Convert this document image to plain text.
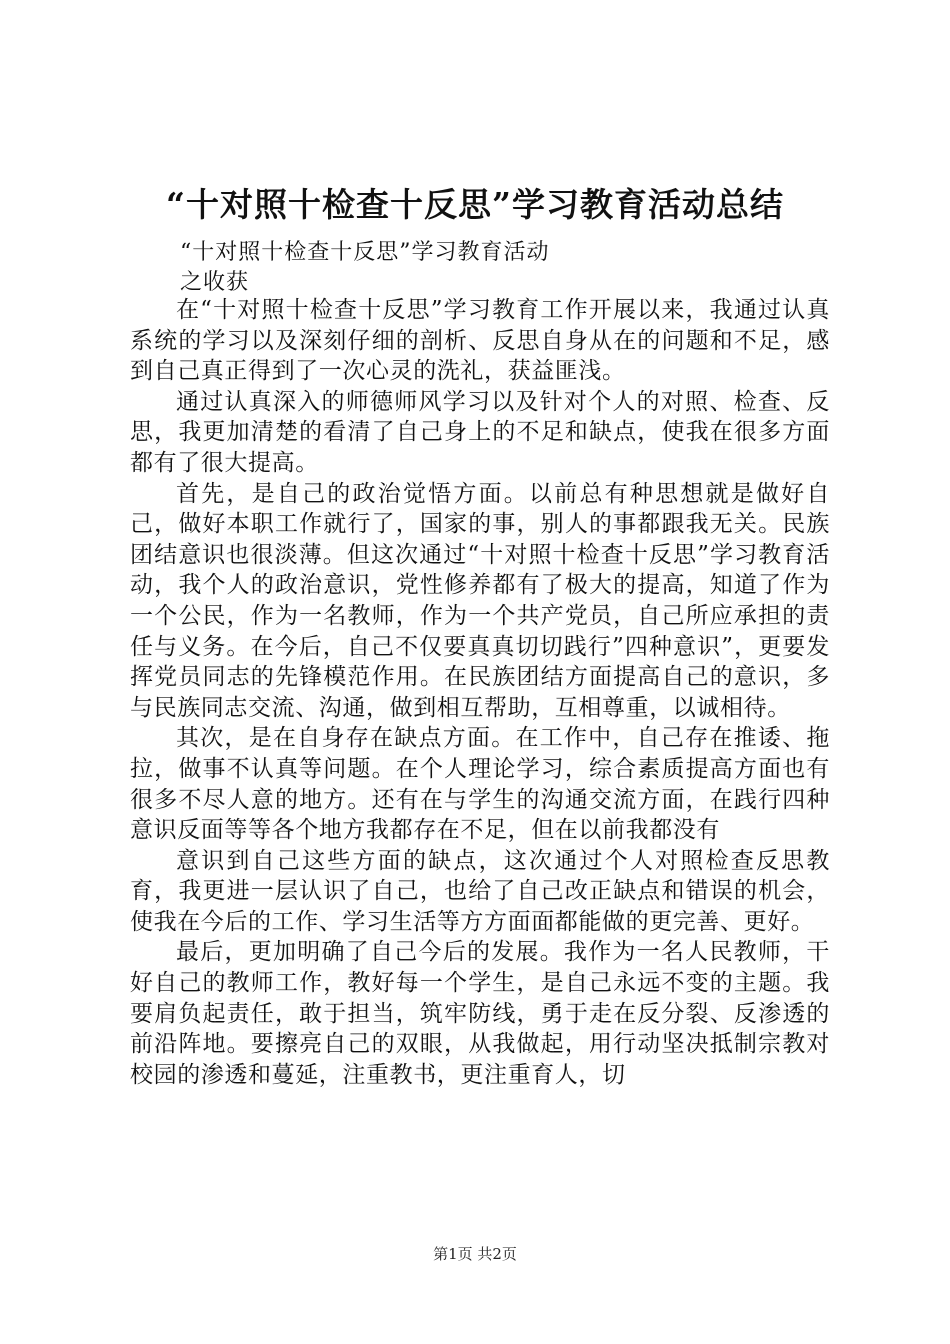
“十对照十检查十反思”学习教育活动总结
“十对照十检查十反思”学习教育活动
之收获

在“十对照十检查十反思”学习教育工作开展以来，我通过认真系统的学习以及深刻仔细的剖析、反思自身从在的问题和不足，感到自己真正得到了一次心灵的洗礼，获益匪浅。

通过认真深入的师德师风学习以及针对个人的对照、检查、反思，我更加清楚的看清了自己身上的不足和缺点，使我在很多方面都有了很大提高。

首先，是自己的政治觉悟方面。以前总有种思想就是做好自己，做好本职工作就行了，国家的事，别人的事都跟我无关。民族团结意识也很淡薄。但这次通过“十对照十检查十反思”学习教育活动，我个人的政治意识，党性修养都有了极大的提高，知道了作为一个公民，作为一名教师，作为一个共产党员，自己所应承担的责任与义务。在今后，自己不仅要真真切切践行”四种意识”，更要发挥党员同志的先锋模范作用。在民族团结方面提高自己的意识，多与民族同志交流、沟通，做到相互帮助，互相尊重，以诚相待。

其次，是在自身存在缺点方面。在工作中，自己存在推诿、拖拉，做事不认真等问题。在个人理论学习，综合素质提高方面也有很多不尽人意的地方。还有在与学生的沟通交流方面，在践行四种意识反面等等各个地方我都存在不足，但在以前我都没有

意识到自己这些方面的缺点，这次通过个人对照检查反思教育，我更进一层认识了自己，也给了自己改正缺点和错误的机会，使我在今后的工作、学习生活等方方面面都能做的更完善、更好。

最后，更加明确了自己今后的发展。我作为一名人民教师，干好自己的教师工作，教好每一个学生，是自己永远不变的主题。我要肩负起责任，敢于担当，筑牢防线，勇于走在反分裂、反渗透的前沿阵地。要擦亮自己的双眼，从我做起，用行动坚决抵制宗教对校园的渗透和蔓延，注重教书，更注重育人，切

第1页 共2页
